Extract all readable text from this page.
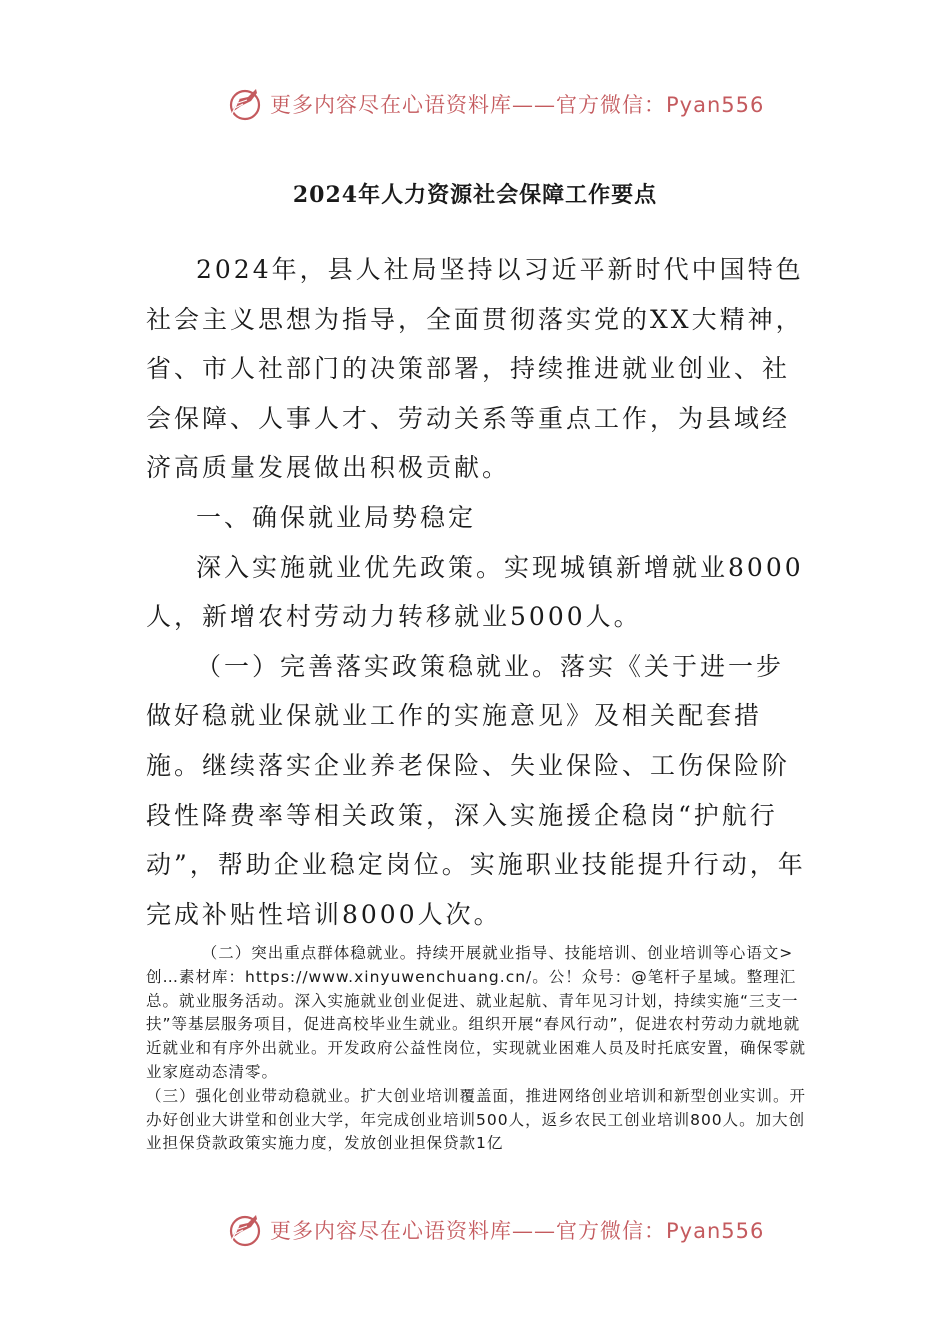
更多内容尽在心语资料库——官方微信：Pyan556
2024年人力资源社会保障工作要点

2024年，县人社局坚持以习近平新时代中国特色社会主义思想为指导，全面贯彻落实党的XX大精神，省、市人社部门的决策部署，持续推进就业创业、社会保障、人事人才、劳动关系等重点工作，为县域经济高质量发展做出积极贡献。

一、确保就业局势稳定

深入实施就业优先政策。实现城镇新增就业8000人，新增农村劳动力转移就业5000人。

（一）完善落实政策稳就业。落实《关于进一步做好稳就业保就业工作的实施意见》及相关配套措施。继续落实企业养老保险、失业保险、工伤保险阶段性降费率等相关政策，深入实施援企稳岗“护航行动”，帮助企业稳定岗位。实施职业技能提升行动，年完成补贴性培训8000人次。

（二）突出重点群体稳就业。持续开展就业指导、技能培训、创业培训等心语文>创…素材库：https://www.xinyuwenchuang.cn/。公！众号：@笔杆子星域。整理汇总。就业服务活动。深入实施就业创业促进、就业起航、青年见习计划，持续实施“三支一扶”等基层服务项目，促进高校毕业生就业。组织开展“春风行动”，促进农村劳动力就地就近就业和有序外出就业。开发政府公益性岗位，实现就业困难人员及时托底安置，确保零就业家庭动态清零。

（三）强化创业带动稳就业。扩大创业培训覆盖面，推进网络创业培训和新型创业实训。开办好创业大讲堂和创业大学，年完成创业培训500人，返乡农民工创业培训800人。加大创业担保贷款政策实施力度，发放创业担保贷款1亿

更多内容尽在心语资料库——官方微信：Pyan556
